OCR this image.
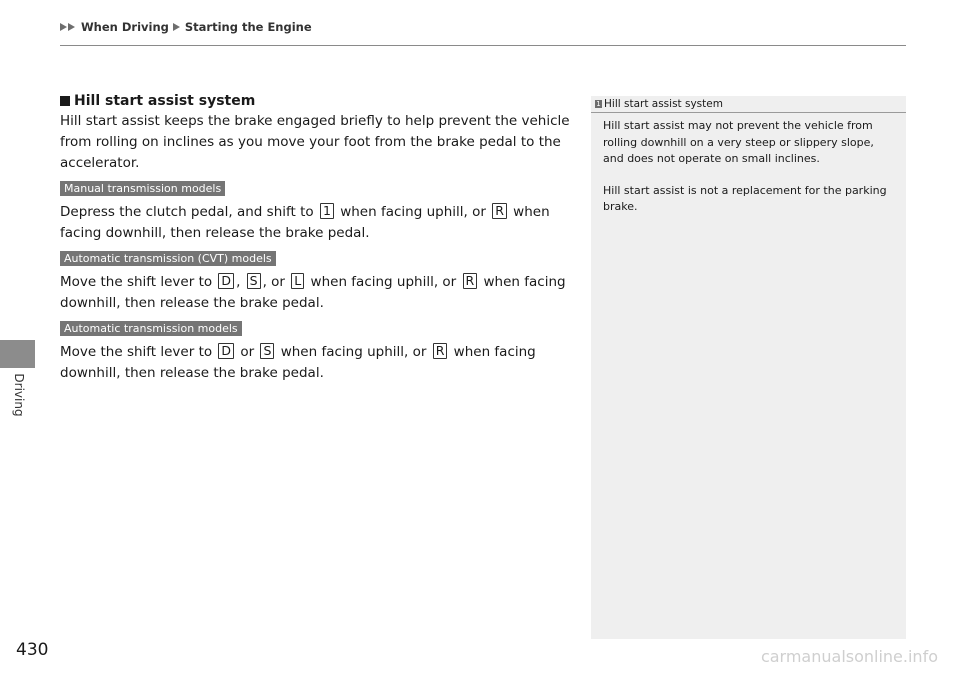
When Driving Starting the Engine
Driving
430
Hill start assist system

Hill start assist keeps the brake engaged briefly to help prevent the vehicle from rolling on inclines as you move your foot from the brake pedal to the accelerator.

Manual transmission models

Depress the clutch pedal, and shift to 1 when facing uphill, or R when facing downhill, then release the brake pedal.

Automatic transmission (CVT) models

Move the shift lever to D , S , or L when facing uphill, or R when facing downhill, then release the brake pedal.

Automatic transmission models

Move the shift lever to D or S when facing uphill, or R when facing downhill, then release the brake pedal.

1 Hill start assist system

Hill start assist may not prevent the vehicle from rolling downhill on a very steep or slippery slope, and does not operate on small inclines.

Hill start assist is not a replacement for the parking brake.

carmanualsonline.info
